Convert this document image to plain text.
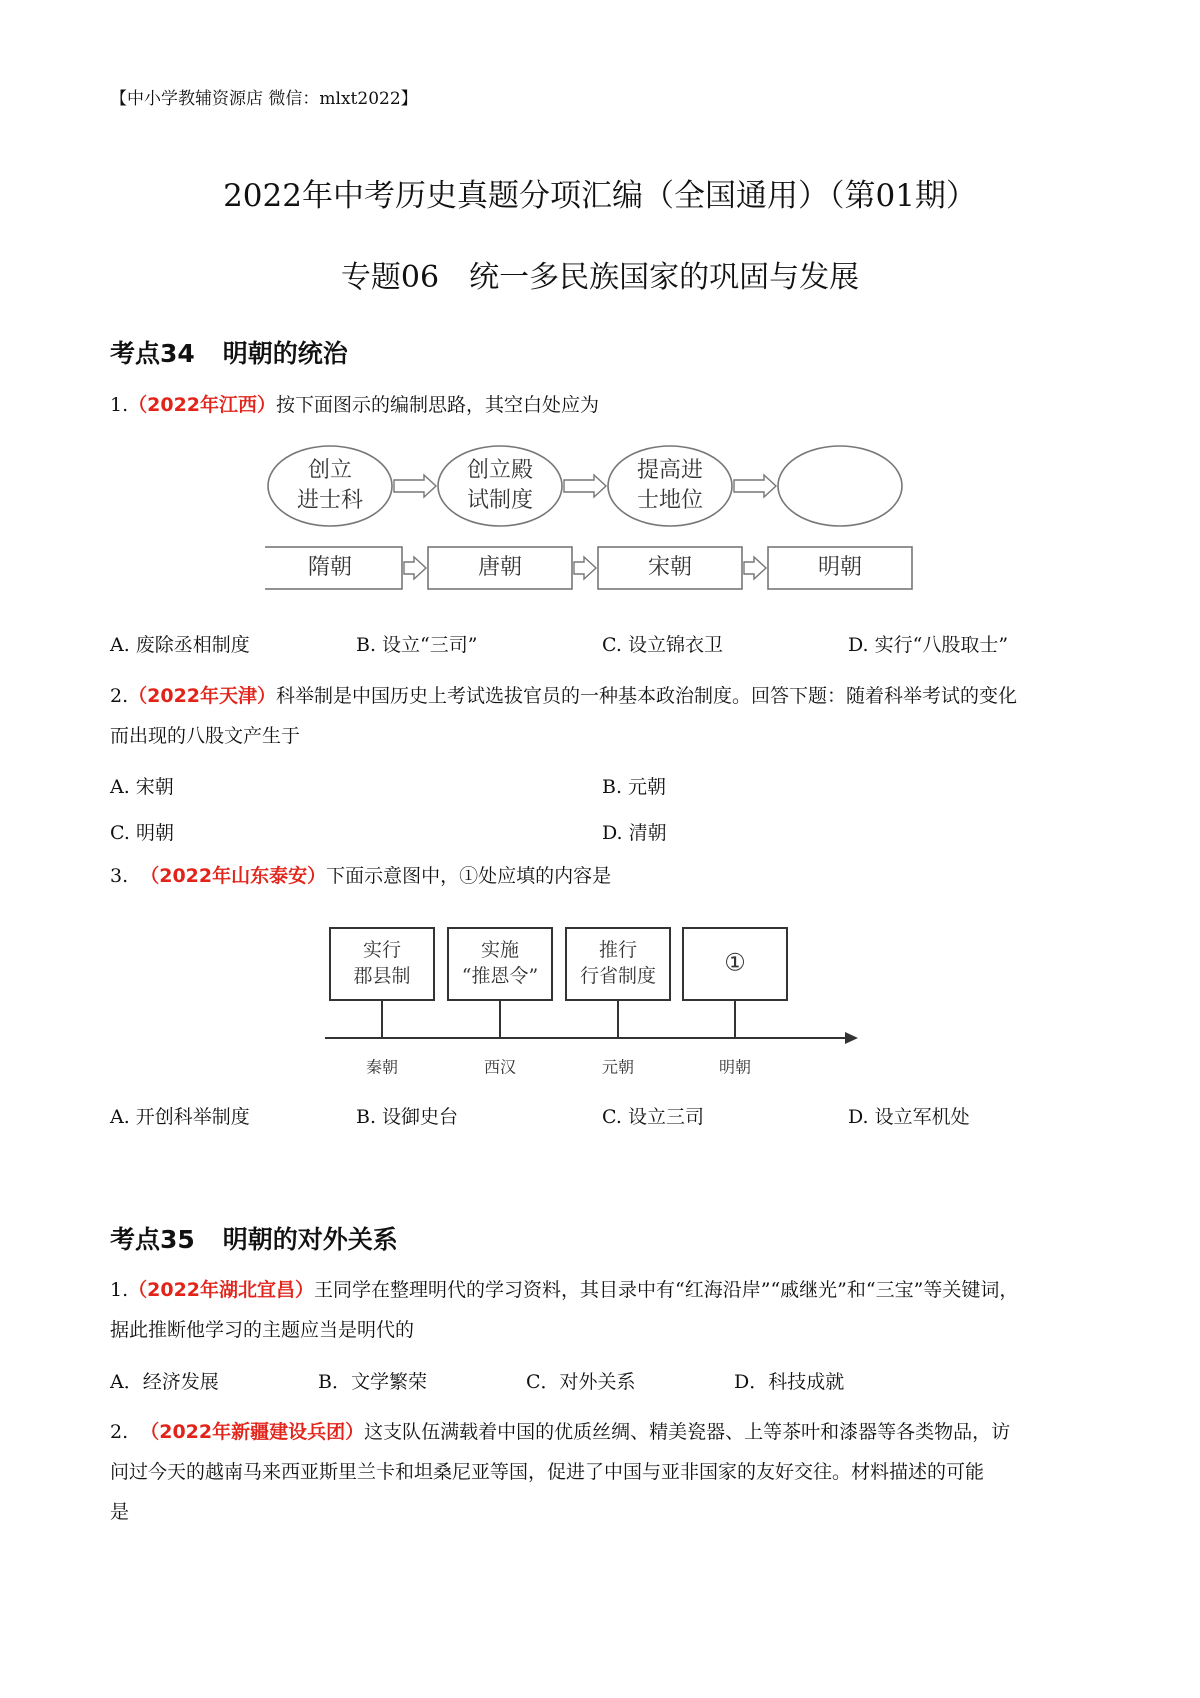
【中小学教辅资源店 微信：mlxt2022】
2022年中考历史真题分项汇编（全国通用）（第01期）
专题06　统一多民族国家的巩固与发展
考点34 明朝的统治
1.（2022年江西）按下面图示的编制思路，其空白处应为
创立
进士科
创立殿
试制度
提高进
士地位
隋朝	唐朝	宋朝	明朝
A. 废除丞相制度	B. 设立“三司”	C. 设立锦衣卫	D. 实行“八股取士”
2.（2022年天津）科举制是中国历史上考试选拔官员的一种基本政治制度。回答下题：随着科举考试的变化
而出现的八股文产生于
A. 宋朝	B. 元朝
C. 明朝	D. 清朝
3. （2022年山东泰安）下面示意图中，①处应填的内容是
实行
郡县制
实施
“推恩令”
推行
行省制度	①
秦朝	西汉	元朝	明朝
A. 开创科举制度	B. 设御史台	C. 设立三司	D. 设立军机处
考点35 明朝的对外关系
1.（2022年湖北宜昌）王同学在整理明代的学习资料，其目录中有“红海沿岸”“戚继光”和“三宝”等关键词，
据此推断他学习的主题应当是明代的
A．经济发展	B．文学繁荣	C．对外关系	D．科技成就
2. （2022年新疆建设兵团）这支队伍满载着中国的优质丝绸、精美瓷器、上等茶叶和漆器等各类物品，访
问过今天的越南马来西亚斯里兰卡和坦桑尼亚等国，促进了中国与亚非国家的友好交往。材料描述的可能
是
